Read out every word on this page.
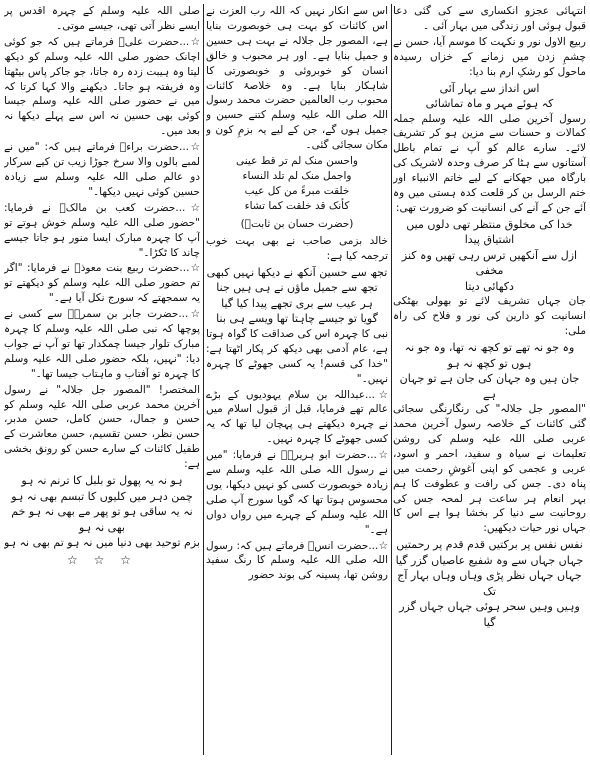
انتہائی عجزو انکساری سے کی گئی دعا قبول ہوئی اور زندگی میں بہار آئی ۔

ربیع الاول نور و نکہت کا موسم آیا، حسن نے چشمِ زدن میں زمانے کے خزاں رسیدہ ماحول کو رشکِ ارم بنا دیا:

اس انداز سے بہار آئی
کہ ہوئے مہر و ماہ تماشائی

رسول آخرین صلی اللہ علیہ وسلم جملہ کمالات و حسنات سے مزین ہو کر تشریف لائے۔ سارے عالم کو آپ نے تمام باطل آستانوں سے ہٹا کر صرف وحدہ لاشریک کی بارگاہ میں جھکانے کے لیے خاتم الانبیاء اور ختم الرسل بن کر قلعت کدہ ہستی میں وہ آئے جن کے آنے کی انسانیت کو ضرورت تھی:

خدا کی مخلوق منتظر تھی دلوں میں اشتیاق پیدا
ازل سے آنکھیں ترس رہی تھیں وہ کنز مخفی
دکھائی دیتا

جان جہاں تشریف لائے تو بھولی بھٹکی انسانیت کو دارین کی نور و فلاح کی راہ ملی:

وہ جو نہ تھے تو کچھ نہ تھا، وہ جو نہ ہوں تو کچھ نہ ہو
جان ہیں وہ جہان کی جان ہے تو جہان ہے

"المصور جل جلالہ" کی رنگارنگی سجائی گئی کائنات کے خلاصہ رسول آخرین محمد عربی صلی اللہ علیہ وسلم کی روشن تعلیمات نے سیاہ و سفید، احمر و اسود، عربی و عجمی کو اپنی آغوشِ رحمت میں پناہ دی۔ جس کی رافت و عطوفت کا ہم بہر انعام ہر ساعت ہر لمحہ جس کی روحانیت سے دنیا کر بخشا ہوا ہے اس کا جہاں نور حیات دیکھیں:

نفس نفس پر برکتیں قدم قدم پر رحمتیں
جہاں جہاں سے وہ شفیع عاصیاں گزر گیا
جہاں جہاں نظر پڑی وہاں وہاں بہار آج تک
وہیں وہیں سحر ہوئی جہاں جہاں گزر گیا

اس سے انکار نہیں کہ اللہ رب العزت نے اس کائنات کو بہت ہی خوبصورت بنایا ہے، المصور جل جلالہ نے بہت ہی حسین و جمیل بنایا ہے۔ اور ہر محبوب و خالق انسان کو خوبروئی و خوبصورتی کا شاہکار بنایا ہے۔ وہ خلاصۂ کائنات محبوب رب العالمین حضرت محمد رسول اللہ صلی اللہ علیہ وسلم کتنے حسین و جمیل ہوں گے، جن کے لیے یہ بزمِ کون و مکان سجائی گئی۔

واحسن منک لم تر قط عینی
واجمل منک لم تلد النساء
خلقت مبرءً من کل عیب
کأنک قد خلقت کما تشاء
(حضرت حسان بن ثابتؓ)

خالد بزمی صاحب نے بھی بہت خوب ترجمہ کیا ہے:

تجھ سے حسین آنکھ نے دیکھا نہیں کبھی
تجھ سے جمیل ماؤں نے ہی ہیں جنا
ہر عیب سے بری تجھے پیدا کیا گیا
گویا تو جیسے چاہتا تھا ویسے ہی بنا

نبی کا چہرہ اس کی صداقت کا گواہ ہوتا ہے، عام آدمی بھی دیکھ کر پکار اٹھتا ہے: "خدا کی قسم! یہ کسی جھوٹے کا چہرہ نہیں۔"

☆...عبداللہ بن سلام یہودیوں کے بڑے عالم تھے فرمایا، قبل از قبول اسلام میں نے چہرہ دیکھتے ہی پہچان لیا تھا کہ یہ کسی جھوٹے کا چہرہ نہیں۔

☆...حضرت ابو ہریرہؓ نے فرمایا: "میں نے رسول اللہ صلی اللہ علیہ وسلم سے زیادہ خوبصورت کسی کو نہیں دیکھا، یوں محسوس ہوتا تھا کہ گویا سورج آپ صلی اللہ علیہ وسلم کے چہرے میں رواں دواں ہے۔"

☆...حضرت انسؓ فرماتے ہیں کہ: رسول اللہ صلی اللہ علیہ وسلم کا رنگ سفید روشن تھا، پسینہ کی بوند حضور

صلی اللہ علیہ وسلم کے چہرہ اقدس پر ایسے نظر آتی تھی، جیسے موتی۔

☆...حضرت علیؓ فرماتے ہیں کہ جو کوئی اچانک حضور صلی اللہ علیہ وسلم کو دیکھ لیتا وہ ہیبت زدہ رہ جاتا، جو جاکر پاس بیٹھتا وہ فریفتہ ہو جاتا۔ دیکھنے والا کہا کرتا کہ میں نے حضور صلی اللہ علیہ وسلم جیسا کوئی بھی حسین نہ اس سے پہلے دیکھا نہ بعد میں۔

☆...حضرت براءؓ فرماتے ہیں کہ: "میں نے لمبے بالوں والا سرخ جوڑا زیب تن کیے سرکار دو عالم صلی اللہ علیہ وسلم سے زیادہ حسین کوئی نہیں دیکھا۔"

☆...حضرت کعب بن مالکؓ نے فرمایا: "حضور صلی اللہ علیہ وسلم خوش ہوتے تو آپ کا چہرہ مبارک ایسا منور ہو جاتا جیسے چاند کا ٹکڑا۔"

☆...حضرت ربیع بنت معوذؓ نے فرمایا: "اگر تم حضور صلی اللہ علیہ وسلم کو دیکھتے تو یہ سمجھتے کہ سورج نکل آیا ہے۔"

☆...حضرت جابر بن سمرہؓ سے کسی نے پوچھا کہ نبی صلی اللہ علیہ وسلم کا چہرہ مبارک تلوار جیسا چمکدار تھا تو آپ نے جواب دیا: "نہیں، بلکہ حضور صلی اللہ علیہ وسلم کا چہرہ تو آفتاب و ماہتاب جیسا تھا۔"

المختصر! "المصور جل جلالہ" نے رسول آخرین محمد عربی صلی اللہ علیہ وسلم کو حسن و جمال، حسن کامل، حسن مدبر، حسن نظر، حسن تقسیم، حسن معاشرت کے طفیل کائنات کے سارے حسن کو رونق بخشی ہے:

ہو نہ یہ پھول تو بلبل کا ترنم نہ ہو
چمن دہر میں کلیوں کا تبسم بھی نہ ہو
نہ یہ ساقی ہو تو پھر مے بھی نہ ہو خم بھی نہ ہو
بزم توحید بھی دنیا میں نہ ہو تم بھی نہ ہو
☆ ☆ ☆
